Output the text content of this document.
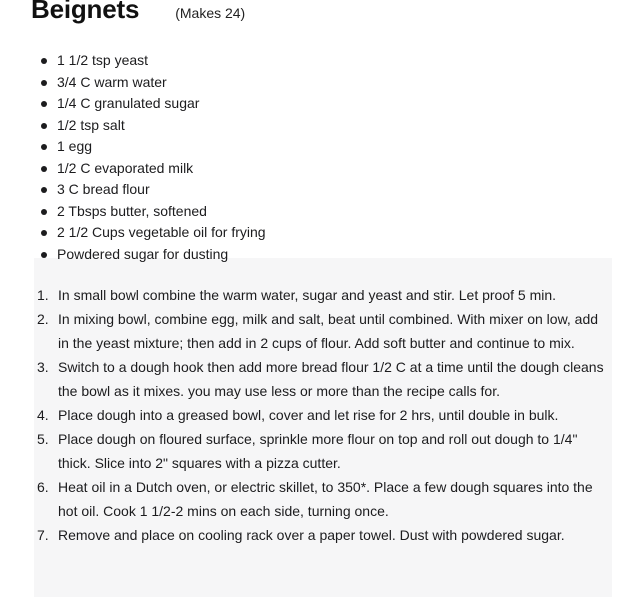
Beignets	(Makes 24)
1 1/2 tsp yeast
3/4 C warm water
1/4 C granulated sugar
1/2 tsp salt
1 egg
1/2 C evaporated milk
3 C bread flour
2 Tbsps butter, softened
2 1/2 Cups vegetable oil for frying
Powdered sugar for dusting
1. In small bowl combine the warm water, sugar and yeast and stir. Let proof 5 min.
2. In mixing bowl, combine egg, milk and salt, beat until combined. With mixer on low, add in the yeast mixture; then add in 2 cups of flour. Add soft butter and continue to mix.
3. Switch to a dough hook then add more bread flour 1/2 C at a time until the dough cleans the bowl as it mixes. you may use less or more than the recipe calls for.
4. Place dough into a greased bowl, cover and let rise for 2 hrs, until double in bulk.
5. Place dough on floured surface, sprinkle more flour on top and roll out dough to 1/4" thick. Slice into 2" squares with a pizza cutter.
6. Heat oil in a Dutch oven, or electric skillet, to 350*. Place a few dough squares into the hot oil. Cook 1 1/2-2 mins on each side, turning once.
7. Remove and place on cooling rack over a paper towel. Dust with powdered sugar.
